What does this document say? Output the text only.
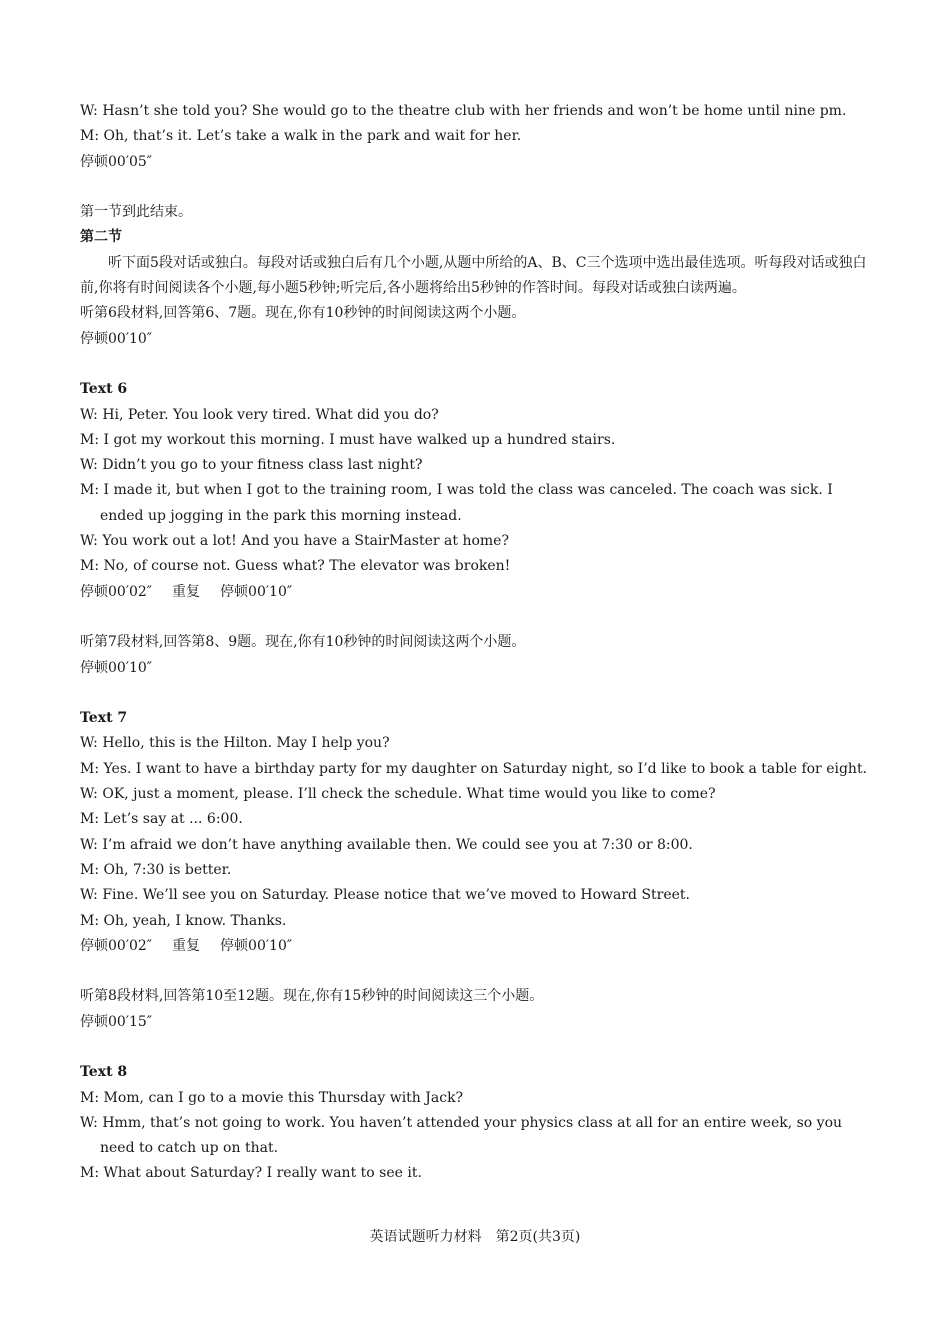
W: Hasn’t she told you? She would go to the theatre club with her friends and won’t be home until nine pm.
M: Oh, that’s it. Let’s take a walk in the park and wait for her.
停顿00′05″
第一节到此结束。
第二节
听下面5段对话或独白。每段对话或独白后有几个小题,从题中所给的A、B、C三个选项中选出最佳选项。听每段对话或独白前,你将有时间阅读各个小题,每小题5秒钟;听完后,各小题将给出5秒钟的作答时间。每段对话或独白读两遍。
听第6段材料,回答第6、7题。现在,你有10秒钟的时间阅读这两个小题。
停顿00′10″
Text 6
W: Hi, Peter. You look very tired. What did you do?
M: I got my workout this morning. I must have walked up a hundred stairs.
W: Didn’t you go to your fitness class last night?
M: I made it, but when I got to the training room, I was told the class was canceled. The coach was sick. I ended up jogging in the park this morning instead.
W: You work out a lot! And you have a StairMaster at home?
M: No, of course not. Guess what? The elevator was broken!
停顿00′02″ 重复 停顿00′10″
听第7段材料,回答第8、9题。现在,你有10秒钟的时间阅读这两个小题。
停顿00′10″
Text 7
W: Hello, this is the Hilton. May I help you?
M: Yes. I want to have a birthday party for my daughter on Saturday night, so I’d like to book a table for eight.
W: OK, just a moment, please. I’ll check the schedule. What time would you like to come?
M: Let’s say at ... 6:00.
W: I’m afraid we don’t have anything available then. We could see you at 7:30 or 8:00.
M: Oh, 7:30 is better.
W: Fine. We’ll see you on Saturday. Please notice that we’ve moved to Howard Street.
M: Oh, yeah, I know. Thanks.
停顿00′02″ 重复 停顿00′10″
听第8段材料,回答第10至12题。现在,你有15秒钟的时间阅读这三个小题。
停顿00′15″
Text 8
M: Mom, can I go to a movie this Thursday with Jack?
W: Hmm, that’s not going to work. You haven’t attended your physics class at all for an entire week, so you need to catch up on that.
M: What about Saturday? I really want to see it.
英语试题听力材料　第2页(共3页)
